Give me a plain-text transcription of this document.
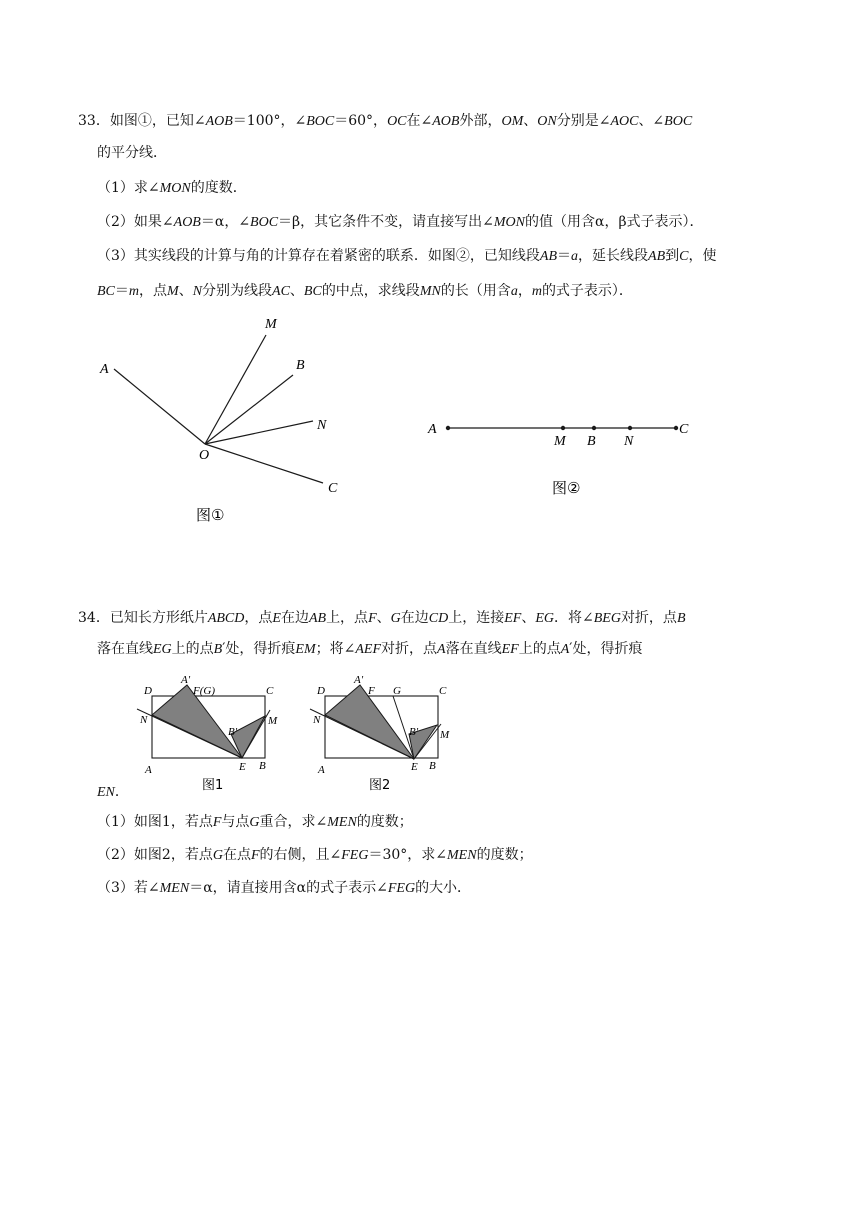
33．如图①，已知∠AOB＝100°，∠BOC＝60°，OC在∠AOB外部，OM、ON分别是∠AOC、∠BOC
的平分线．
（1）求∠MON的度数．
（2）如果∠AOB＝α，∠BOC＝β，其它条件不变，请直接写出∠MON的值（用含α，β式子表示）．
（3）其实线段的计算与角的计算存在着紧密的联系．如图②，已知线段AB＝a，延长线段AB到C，使
BC＝m，点M、N分别为线段AC、BC的中点，求线段MN的长（用含a，m的式子表示）．
A
M
B
N
O
C
图①
A
M B N
C
图②
34．已知长方形纸片ABCD，点E在边AB上，点F、G在边CD上，连接EF、EG．将∠BEG对折，点B
落在直线EG上的点B′处，得折痕EM；将∠AEF对折，点A落在直线EF上的点A′处，得折痕
D
A′
F(G)	C
N
B′
M
A	E B
图1
D
A′
F G	C
N
B′ M
A	E B
图2
EN．
（1）如图1，若点F与点G重合，求∠MEN的度数；
（2）如图2，若点G在点F的右侧，且∠FEG＝30°，求∠MEN的度数；
（3）若∠MEN＝α，请直接用含α的式子表示∠FEG的大小．
